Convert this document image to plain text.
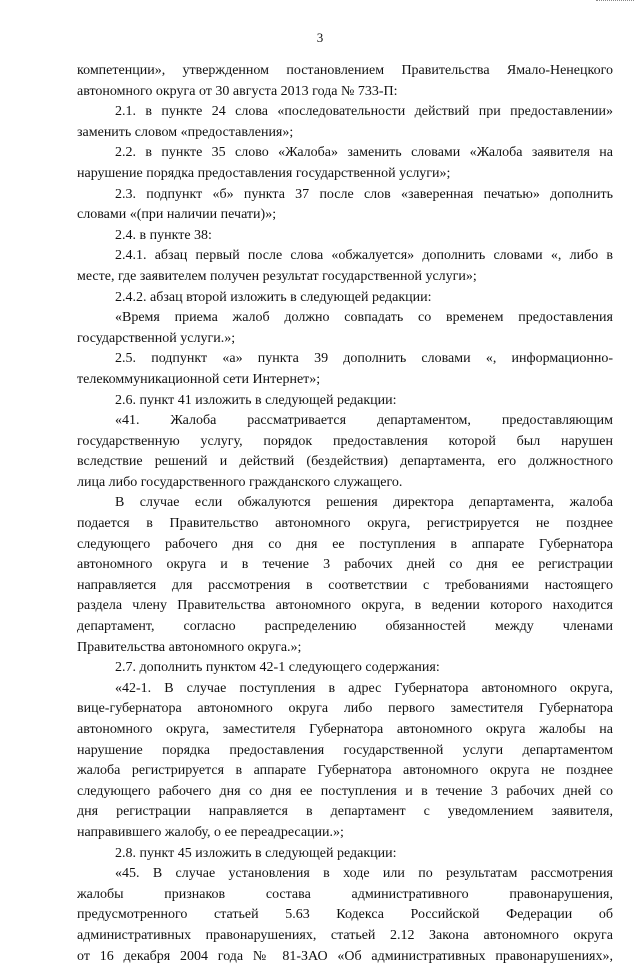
3
компетенции», утвержденном постановлением Правительства Ямало-Ненецкого
автономного округа от 30 августа 2013 года № 733-П:
2.1. в пункте 24 слова «последовательности действий при предоставлении»
заменить словом «предоставления»;
2.2. в пункте 35 слово «Жалоба» заменить словами «Жалоба заявителя на
нарушение порядка предоставления государственной услуги»;
2.3. подпункт «б» пункта 37 после слов «заверенная печатью» дополнить
словами «(при наличии печати)»;
2.4. в пункте 38:
2.4.1. абзац первый после слова «обжалуется» дополнить словами «, либо в
месте, где заявителем получен результат государственной услуги»;
2.4.2. абзац второй изложить в следующей редакции:
«Время приема жалоб должно совпадать со временем предоставления
государственной услуги.»;
2.5. подпункт «а» пункта 39 дополнить словами «, информационно-
телекоммуникационной сети Интернет»;
2.6. пункт 41 изложить в следующей редакции:
«41. Жалоба рассматривается департаментом, предоставляющим
государственную услугу, порядок предоставления которой был нарушен
вследствие решений и действий (бездействия) департамента, его должностного
лица либо государственного гражданского служащего.
В случае если обжалуются решения директора департамента, жалоба
подается в Правительство автономного округа, регистрируется не позднее
следующего рабочего дня со дня ее поступления в аппарате Губернатора
автономного округа и в течение 3 рабочих дней со дня ее регистрации
направляется для рассмотрения в соответствии с требованиями настоящего
раздела члену Правительства автономного округа, в ведении которого находится
департамент, согласно распределению обязанностей между членами
Правительства автономного округа.»;
2.7. дополнить пунктом 42-1 следующего содержания:
«42-1. В случае поступления в адрес Губернатора автономного округа,
вице-губернатора автономного округа либо первого заместителя Губернатора
автономного округа, заместителя Губернатора автономного округа жалобы на
нарушение порядка предоставления государственной услуги департаментом
жалоба регистрируется в аппарате Губернатора автономного округа не позднее
следующего рабочего дня со дня ее поступления и в течение 3 рабочих дней со
дня регистрации направляется в департамент с уведомлением заявителя,
направившего жалобу, о ее переадресации.»;
2.8. пункт 45 изложить в следующей редакции:
«45. В случае установления в ходе или по результатам рассмотрения
жалобы признаков состава административного правонарушения,
предусмотренного статьей 5.63 Кодекса Российской Федерации об
административных правонарушениях, статьей 2.12 Закона автономного округа
от 16 декабря 2004 года № 81-ЗАО «Об административных правонарушениях»,
